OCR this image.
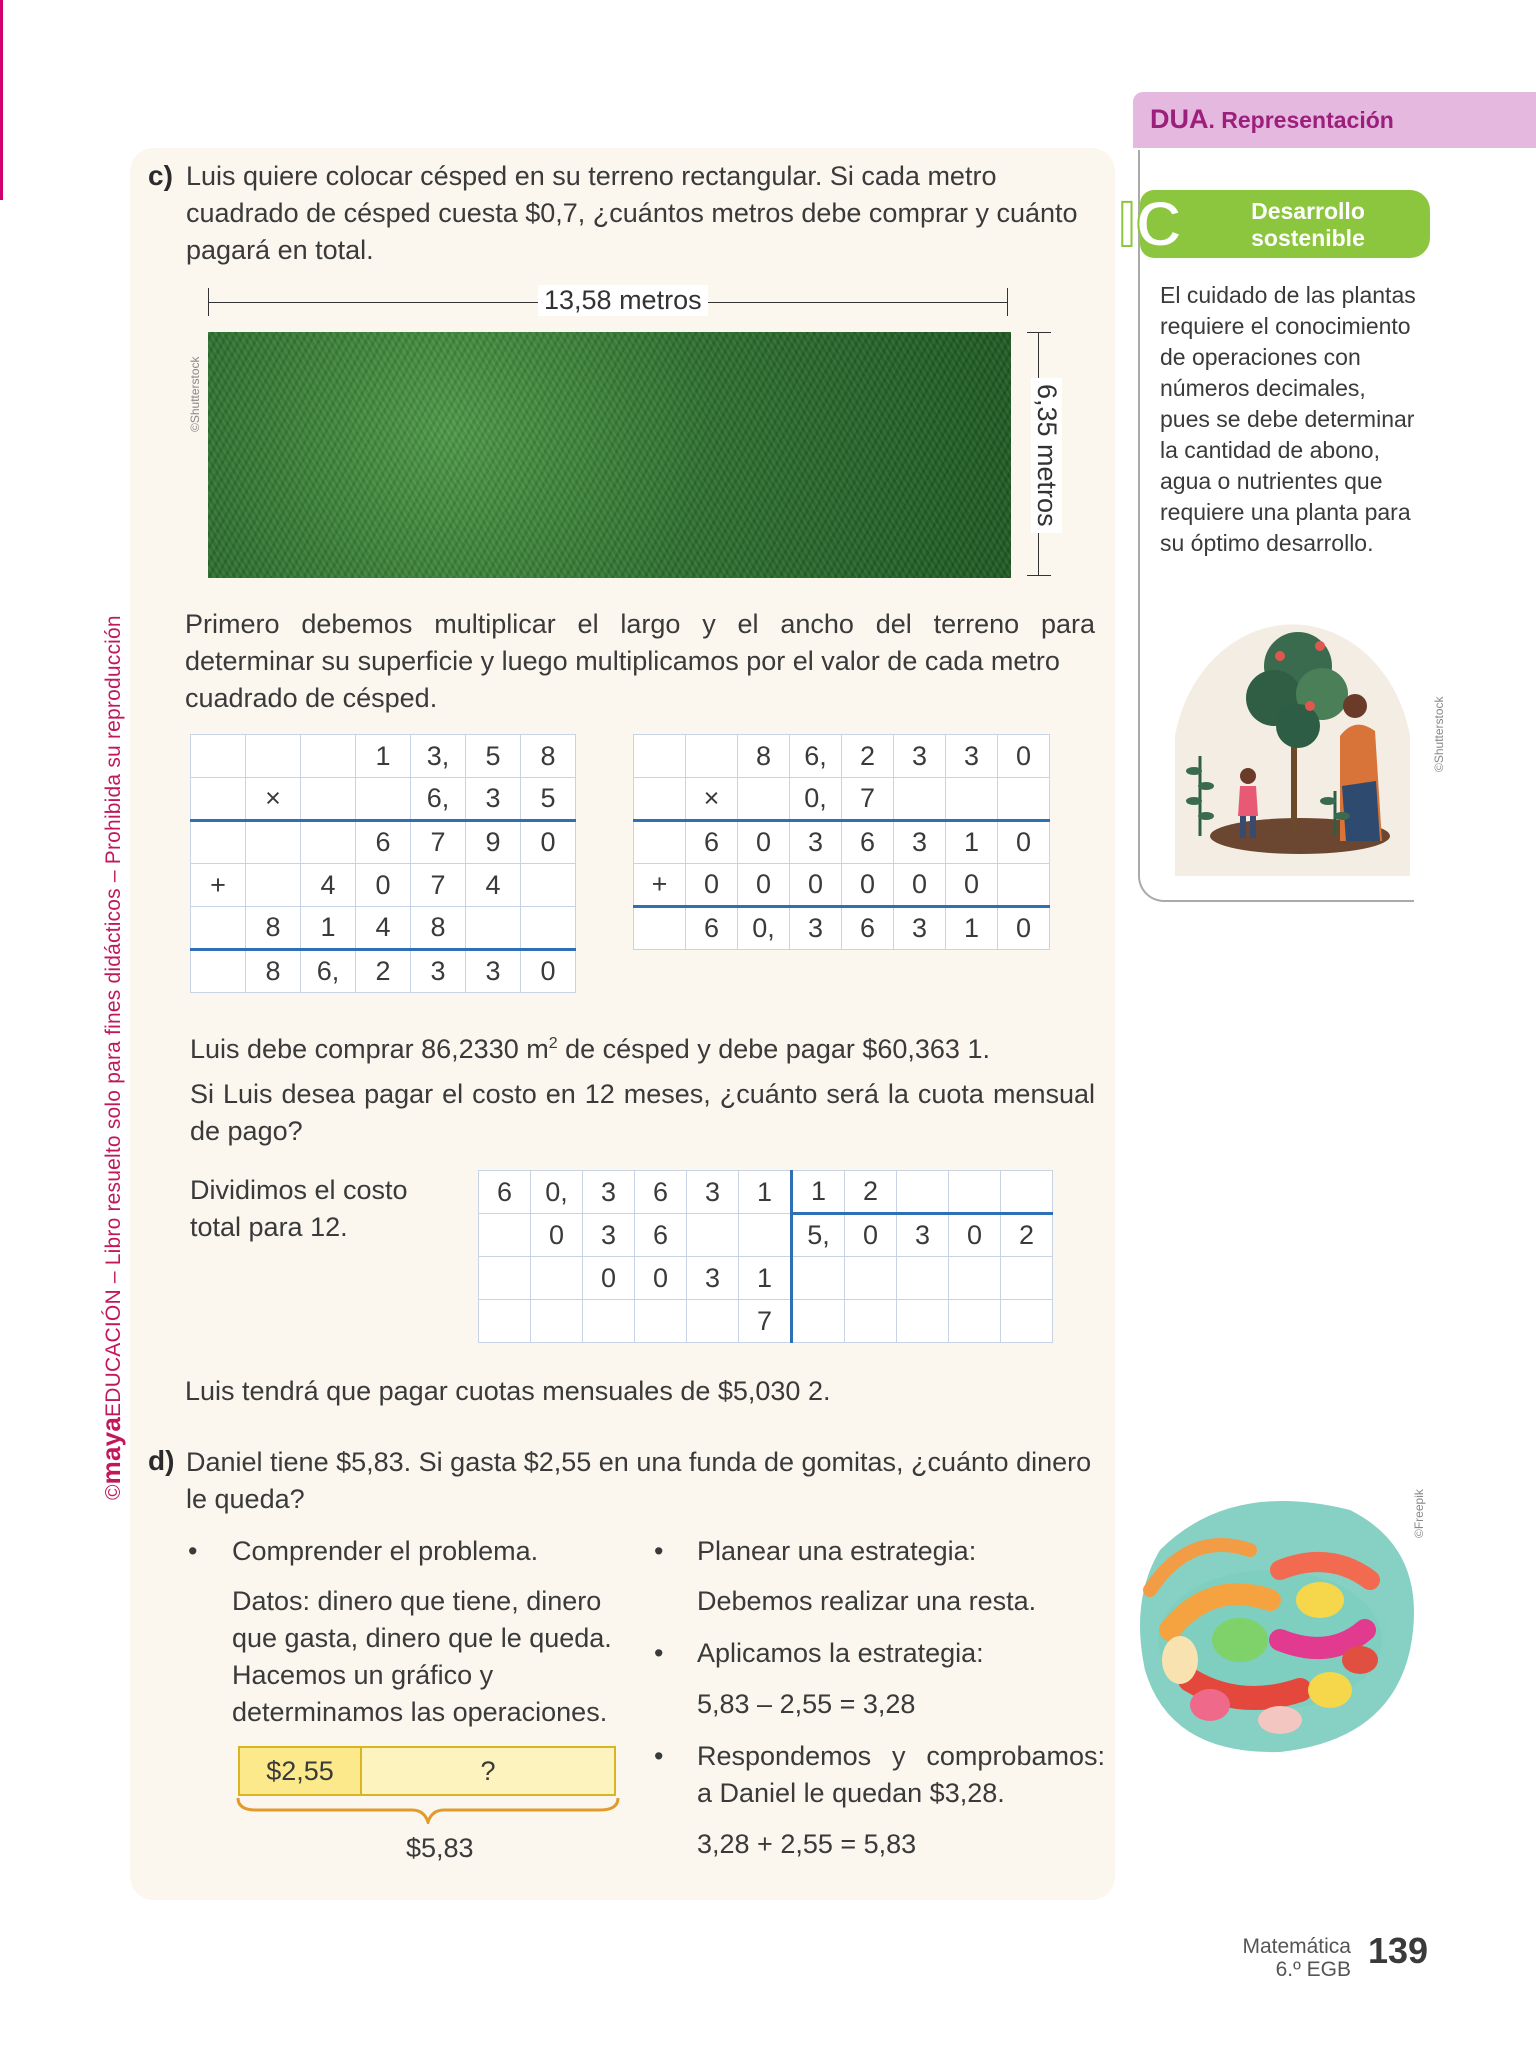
©mayaEDUCACIÓN – Libro resuelto solo para fines didácticos – Prohibida su reproducción
c) Luis quiere colocar césped en su terreno rectangular. Si cada metro
cuadrado de césped cuesta $0,7, ¿cuántos metros debe comprar y cuánto
pagará en total.
13,58 metros
©Shutterstock	6,35 metros
Primero debemos multiplicar el largo y el ancho del terreno para
determinar su superficie y luego multiplicamos por el valor de cada metro
cuadrado de césped.
			1	3,	5	8
	×			6,	3	5
			6	7	9	0
+		4	0	7	4	
	8	1	4	8		
	8	6,	2	3	3	0
		8	6,	2	3	3	0
	×		0,	7			
	6	0	3	6	3	1	0
+	0	0	0	0	0	0	
	6	0,	3	6	3	1	0
Luis debe comprar 86,2330 $m^2$ de césped y debe pagar $60,363 1.
Si Luis desea pagar el costo en 12 meses, ¿cuánto será la cuota mensual
de pago?
Dividimos el costo
total para 12.
6	0,	3	6	3	1	1	2			
	0	3	6			5,	0	3	0	2
		0	0	3	1					
					7					
Luis tendrá que pagar cuotas mensuales de $5,030 2.
d) Daniel tiene $5,83. Si gasta $2,55 en una funda de gomitas, ¿cuánto dinero
le queda?
• Comprender el problema.
Datos: dinero que tiene, dinero
que gasta, dinero que le queda.
Hacemos un gráfico y
determinamos las operaciones.
$2,55	?
$5,83
• Planear una estrategia:
Debemos realizar una resta.
• Aplicamos la estrategia:
5,83 – 2,55 = 3,28
• Respondemos y comprobamos:
a Daniel le quedan $3,28.
3,28 + 2,55 = 5,83
DUA. Representación
IC	Desarrollo
sostenible
El cuidado de las plantas
requiere el conocimiento
de operaciones con
números decimales,
pues se debe determinar
la cantidad de abono,
agua o nutrientes que
requiere una planta para
su óptimo desarrollo.
©Shutterstock
©Freepik
Matemática
6.º EGB 139
